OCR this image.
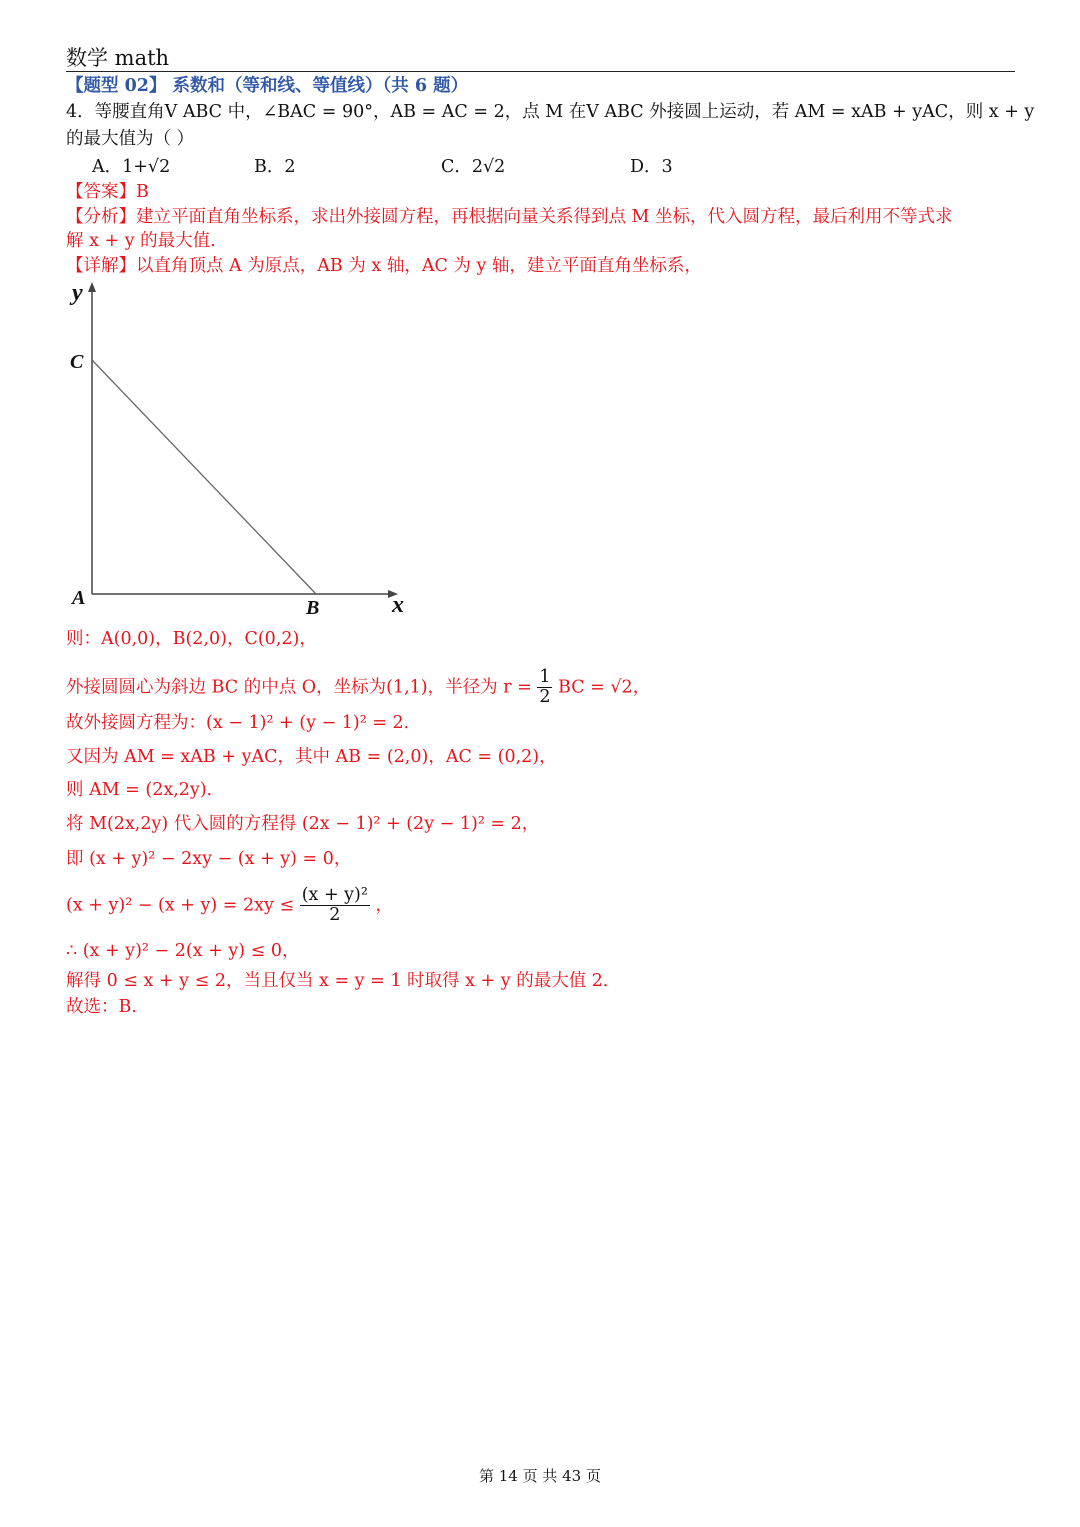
数学 math
【题型 02】 系数和（等和线、等值线）（共 6 题）
4．等腰直角V ABC 中，∠BAC = 90°，AB = AC = 2，点 M 在V ABC 外接圆上运动，若 AM = xAB + yAC，则 x + y
的最大值为（ ）
A．1+√2	B．2	C．2√2	D．3
【答案】B
【分析】建立平面直角坐标系，求出外接圆方程，再根据向量关系得到点 M 坐标，代入圆方程，最后利用不等式求
解 x + y 的最大值.
【详解】以直角顶点 A 为原点，AB 为 x 轴，AC 为 y 轴，建立平面直角坐标系，
y
x
C
A	B
则：A(0,0)，B(2,0)，C(0,2)，
外接圆圆心为斜边 BC 的中点 O，坐标为(1,1)，半径为 $r = \frac{1}{2}$ BC = √2，
故外接圆方程为：(x − 1)² + (y − 1)² = 2．
又因为 AM = xAB + yAC，其中 AB = (2,0)，AC = (0,2)，
则 AM = (2x,2y)．
将 M(2x,2y) 代入圆的方程得 (2x − 1)² + (2y − 1)² = 2，
即 (x + y)² − 2xy − (x + y) = 0，
$(x + y)^2 - (x + y) = 2xy \le \frac{\text{(x + y)²}}{2}$ ，
∴ (x + y)² − 2(x + y) ≤ 0，
解得 0 ≤ x + y ≤ 2，当且仅当 x = y = 1 时取得 x + y 的最大值 2．
故选：B.
第 14 页 共 43 页
